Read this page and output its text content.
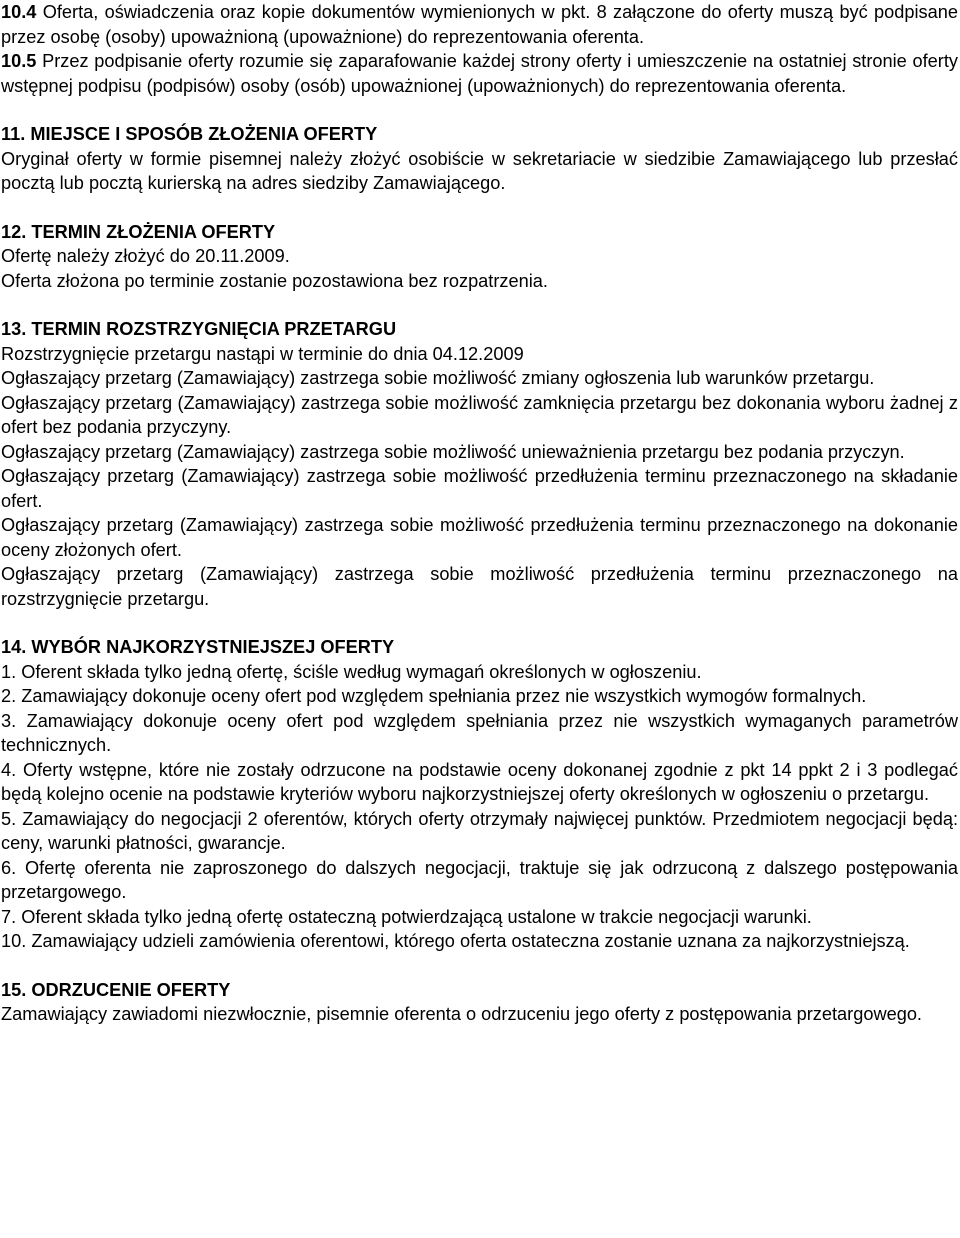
10.4 Oferta, oświadczenia oraz kopie dokumentów wymienionych w pkt. 8 załączone do oferty muszą być podpisane przez osobę (osoby) upoważnioną (upoważnione) do reprezentowania oferenta.

10.5 Przez podpisanie oferty rozumie się zaparafowanie każdej strony oferty i umieszczenie na ostatniej stronie oferty wstępnej podpisu (podpisów) osoby (osób) upoważnionej (upoważnionych) do reprezentowania oferenta.

11. MIEJSCE I SPOSÓB ZŁOŻENIA OFERTY

Oryginał oferty w formie pisemnej należy złożyć osobiście w sekretariacie w siedzibie Zamawiającego lub przesłać pocztą lub pocztą kurierską na adres siedziby Zamawiającego.

12. TERMIN ZŁOŻENIA OFERTY

Ofertę należy złożyć do 20.11.2009.

Oferta złożona po terminie zostanie pozostawiona bez rozpatrzenia.

13. TERMIN ROZSTRZYGNIĘCIA PRZETARGU

Rozstrzygnięcie przetargu nastąpi w terminie do dnia 04.12.2009

Ogłaszający przetarg (Zamawiający) zastrzega sobie możliwość zmiany ogłoszenia lub warunków przetargu.

Ogłaszający przetarg (Zamawiający) zastrzega sobie możliwość zamknięcia przetargu bez dokonania wyboru żadnej z ofert bez podania przyczyny.

Ogłaszający przetarg (Zamawiający) zastrzega sobie możliwość unieważnienia przetargu bez podania przyczyn.

Ogłaszający przetarg (Zamawiający) zastrzega sobie możliwość przedłużenia terminu przeznaczonego na składanie ofert.

Ogłaszający przetarg (Zamawiający) zastrzega sobie możliwość przedłużenia terminu przeznaczonego na dokonanie oceny złożonych ofert.

Ogłaszający przetarg (Zamawiający) zastrzega sobie możliwość przedłużenia terminu przeznaczonego na rozstrzygnięcie przetargu.

14. WYBÓR NAJKORZYSTNIEJSZEJ OFERTY

1. Oferent składa tylko jedną ofertę, ściśle według wymagań określonych w ogłoszeniu.

2. Zamawiający dokonuje oceny ofert pod względem spełniania przez nie wszystkich wymogów formalnych.

3. Zamawiający dokonuje oceny ofert pod względem spełniania przez nie wszystkich wymaganych parametrów technicznych.

4. Oferty wstępne, które nie zostały odrzucone na podstawie oceny dokonanej zgodnie z pkt 14 ppkt 2 i 3 podlegać będą kolejno ocenie na podstawie kryteriów wyboru najkorzystniejszej oferty określonych w ogłoszeniu o przetargu.

5. Zamawiający do negocjacji 2 oferentów, których oferty otrzymały najwięcej punktów. Przedmiotem negocjacji będą: ceny, warunki płatności, gwarancje.

6. Ofertę oferenta nie zaproszonego do dalszych negocjacji, traktuje się jak odrzuconą z dalszego postępowania przetargowego.

7. Oferent składa tylko jedną ofertę ostateczną potwierdzającą ustalone w trakcie negocjacji warunki.

10. Zamawiający udzieli zamówienia oferentowi, którego oferta ostateczna zostanie uznana za najkorzystniejszą.

15. ODRZUCENIE OFERTY

Zamawiający zawiadomi niezwłocznie, pisemnie oferenta o odrzuceniu jego oferty z postępowania przetargowego.
